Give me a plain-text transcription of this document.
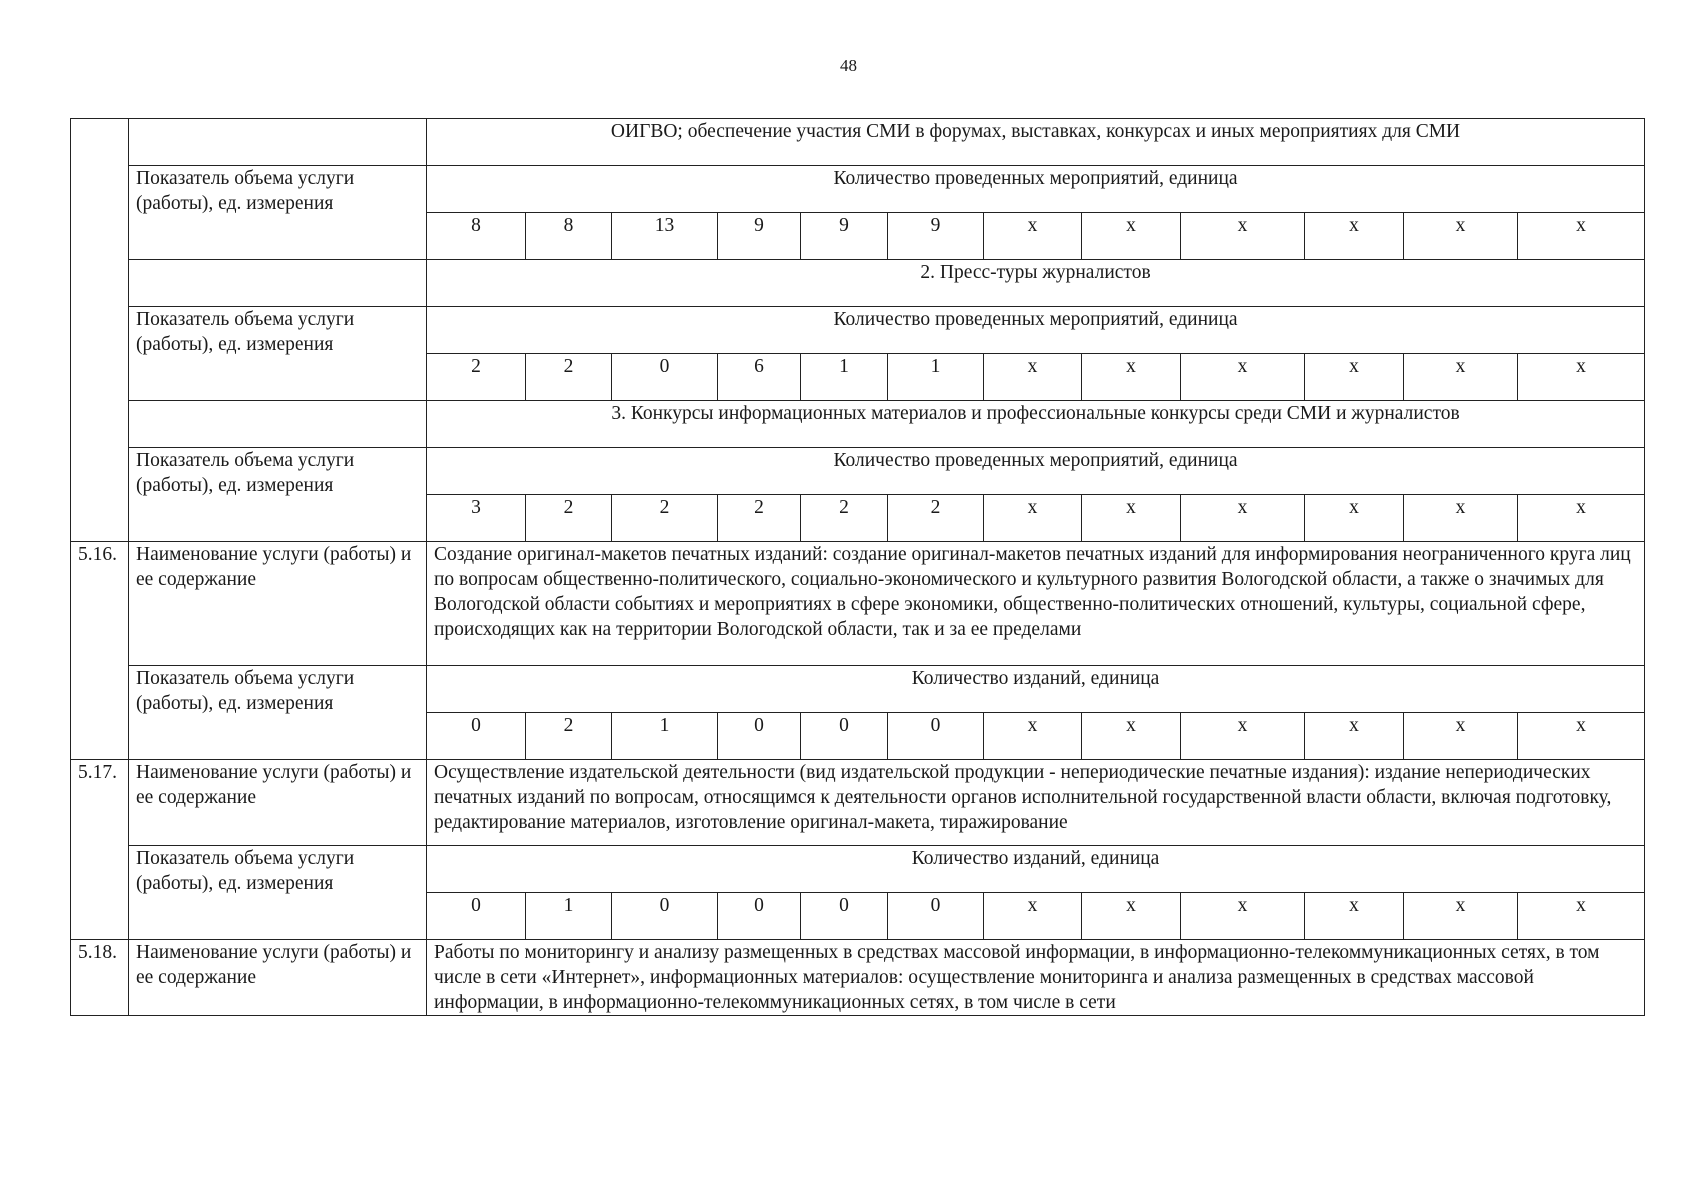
48
		ОИГВО; обеспечение участия СМИ в форумах, выставках, конкурсах и иных мероприятиях для СМИ											
	Показатель объема услуги (работы), ед. измерения	Количество проведенных мероприятий, единица											
		8	8	13	9	9	9	x	x	x	x	x	x
		2. Пресс-туры журналистов											
	Показатель объема услуги (работы), ед. измерения	Количество проведенных мероприятий, единица											
		2	2	0	6	1	1	x	x	x	x	x	x
		3. Конкурсы информационных материалов и профессиональные конкурсы среди СМИ и журналистов											
	Показатель объема услуги (работы), ед. измерения	Количество проведенных мероприятий, единица											
		3	2	2	2	2	2	x	x	x	x	x	x
5.16.	Наименование услуги (работы) и ее содержание	Создание оригинал-макетов печатных изданий: создание оригинал-макетов печатных изданий для информирования неограниченного круга лиц по вопросам общественно-политического, социально-экономического и культурного развития Вологодской области, а также о значимых для Вологодской области событиях и мероприятиях в сфере экономики, общественно-политических отношений, культуры, социальной сфере, происходящих как на территории Вологодской области, так и за ее пределами											
	Показатель объема услуги (работы), ед. измерения	Количество изданий, единица											
		0	2	1	0	0	0	x	x	x	x	x	x
5.17.	Наименование услуги (работы) и ее содержание	Осуществление издательской деятельности (вид издательской продукции - непериодические печатные издания): издание непериодических печатных изданий по вопросам, относящимся к деятельности органов исполнительной государственной власти области, включая подготовку, редактирование материалов, изготовление оригинал-макета, тиражирование											
	Показатель объема услуги (работы), ед. измерения	Количество изданий, единица											
		0	1	0	0	0	0	x	x	x	x	x	x
5.18.	Наименование услуги (работы) и ее содержание	Работы по мониторингу и анализу размещенных в средствах массовой информации, в информационно-телекоммуникационных сетях, в том числе в сети «Интернет», информационных материалов: осуществление мониторинга и анализа размещенных в средствах массовой информации, в информационно-телекоммуникационных сетях, в том числе в сети											
